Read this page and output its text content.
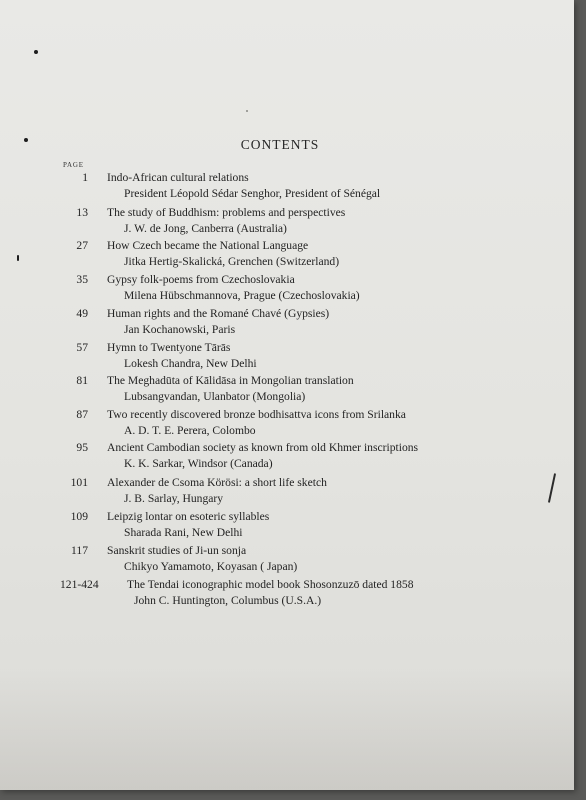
CONTENTS
PAGE
1 Indo-African cultural relations
President Léopold Sédar Senghor, President of Sénégal
13 The study of Buddhism: problems and perspectives
J. W. de Jong, Canberra (Australia)
27 How Czech became the National Language
Jitka Hertig-Skalická, Grenchen (Switzerland)
35 Gypsy folk-poems from Czechoslovakia
Milena Hübschmannova, Prague (Czechoslovakia)
49 Human rights and the Romané Chavé (Gypsies)
Jan Kochanowski, Paris
57 Hymn to Twentyone Tārās
Lokesh Chandra, New Delhi
81 The Meghadūta of Kālidāsa in Mongolian translation
Lubsangvandan, Ulanbator (Mongolia)
87 Two recently discovered bronze bodhisattva icons from Srilanka
A. D. T. E. Perera, Colombo
95 Ancient Cambodian society as known from old Khmer inscriptions
K. K. Sarkar, Windsor (Canada)
101 Alexander de Csoma Körösi: a short life sketch
J. B. Sarlay, Hungary
109 Leipzig lontar on esoteric syllables
Sharada Rani, New Delhi
117 Sanskrit studies of Ji-un sonja
Chikyo Yamamoto, Koyasan ( Japan)
121-424 The Tendai iconographic model book Shosonzuzō dated 1858
John C. Huntington, Columbus (U.S.A.)
